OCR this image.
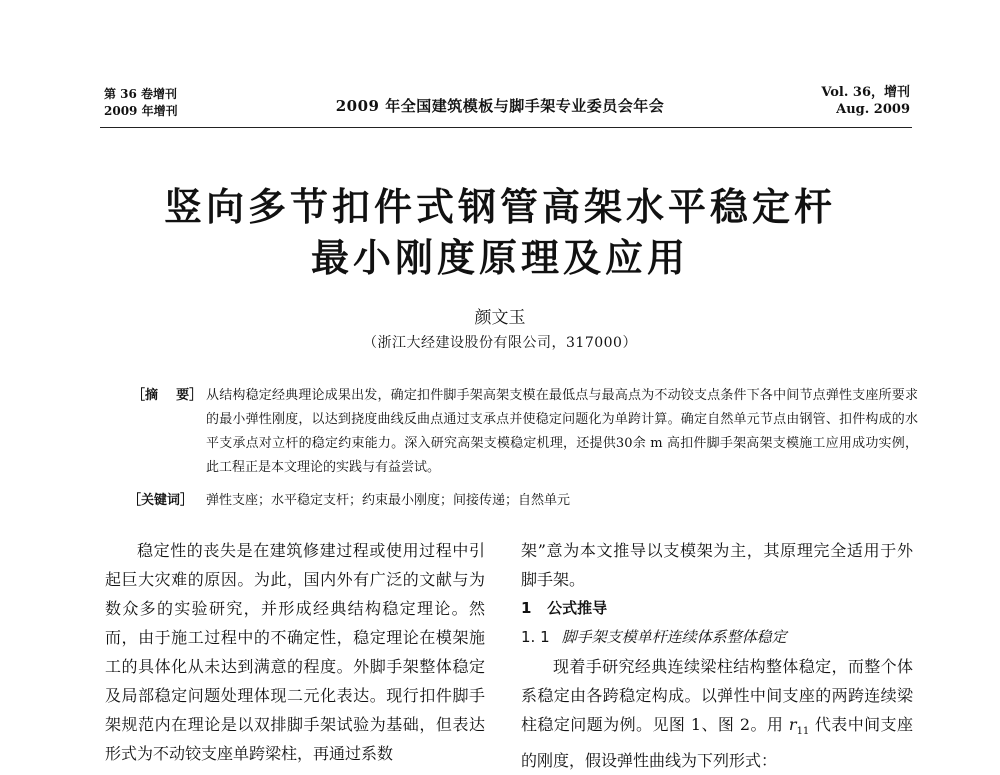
第 36 卷增刊
2009 年增刊	2009 年全国建筑模板与脚手架专业委员会年会
Vol. 36，增刊
Aug. 2009
竖向多节扣件式钢管高架水平稳定杆
最小刚度原理及应用
颜文玉
（浙江大经建设股份有限公司，317000）
［摘    要］ 从结构稳定经典理论成果出发，确定扣件脚手架高架支模在最低点与最高点为不动铰支点条件下各中间节点弹性支座所要求的最小弹性刚度，以达到挠度曲线反曲点通过支承点并使稳定问题化为单跨计算。确定自然单元节点由钢管、扣件构成的水平支承点对立杆的稳定约束能力。深入研究高架支模稳定机理，还提供30余 m 高扣件脚手架高架支模施工应用成功实例，此工程正是本文理论的实践与有益尝试。
［关键词］ 弹性支座；水平稳定支杆；约束最小刚度；间接传递；自然单元

稳定性的丧失是在建筑修建过程或使用过程中引起巨大灾难的原因。为此，国内外有广泛的文献与为数众多的实验研究，并形成经典结构稳定理论。然而，由于施工过程中的不确定性，稳定理论在模架施工的具体化从未达到满意的程度。外脚手架整体稳定及局部稳定问题处理体现二元化表达。现行扣件脚手架规范内在理论是以双排脚手架试验为基础，但表达形式为不动铰支座单跨梁柱，再通过系数

架”意为本文推导以支模架为主，其原理完全适用于外脚手架。

1 公式推导

1. 1 脚手架支模单杆连续体系整体稳定

现着手研究经典连续梁柱结构整体稳定，而整个体系稳定由各跨稳定构成。以弹性中间支座的两跨连续梁柱稳定问题为例。见图 1、图 2。用 $r_{11}$ 代表中间支座的刚度，假设弹性曲线为下列形式：
